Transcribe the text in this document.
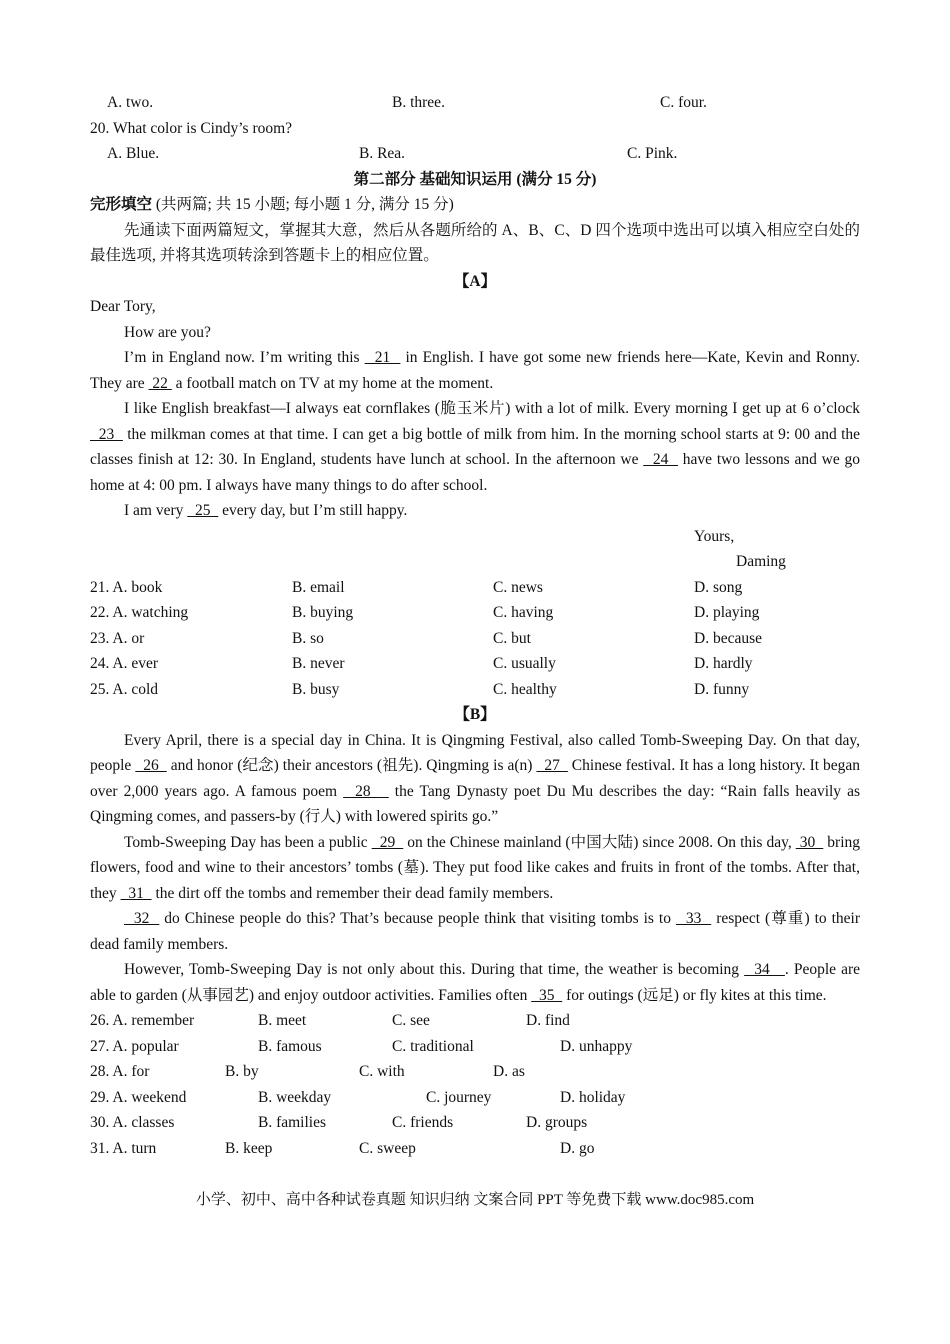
A. two.	B. three.	C. four.
20. What color is Cindy’s room?
A. Blue.	B. Rea.	C. Pink.
第二部分 基础知识运用 (满分 15 分)
完形填空 (共两篇; 共 15 小题; 每小题 1 分, 满分 15 分)
先通读下面两篇短文，掌握其大意，然后从各题所给的 A、B、C、D 四个选项中选出可以填入相应空白处的最佳选项, 并将其选项转涂到答题卡上的相应位置。
【A】
Dear Tory,
How are you?
I’m in England now. I’m writing this   21   in English. I have got some new friends here—Kate, Kevin and Ronny. They are  22  a football match on TV at my home at the moment.
I like English breakfast—I always eat cornflakes (脆玉米片) with a lot of milk. Every morning I get up at 6 o’clock   23   the milkman comes at that time. I can get a big bottle of milk from him. In the morning school starts at 9: 00 and the classes finish at 12: 30. In England, students have lunch at school. In the afternoon we   24   have two lessons and we go home at 4: 00 pm. I always have many things to do after school.
I am very   25   every day, but I’m still happy.
Yours,
Daming
21. A. book	B. email	C. news	D. song
22. A. watching	B. buying	C. having	D. playing
23. A. or	B. so	C. but	D. because
24. A. ever	B. never	C. usually	D. hardly
25. A. cold	B. busy	C. healthy	D. funny
【B】
Every April, there is a special day in China. It is Qingming Festival, also called Tomb-Sweeping Day. On that day, people   26   and honor (纪念) their ancestors (祖先). Qingming is a(n)   27   Chinese festival. It has a long history. It began over 2,000 years ago. A famous poem   28    the Tang Dynasty poet Du Mu describes the day: “Rain falls heavily as Qingming comes, and passers-by (行人) with lowered spirits go.”
Tomb-Sweeping Day has been a public   29   on the Chinese mainland (中国大陆) since 2008. On this day,  30   bring flowers, food and wine to their ancestors’ tombs (墓). They put food like cakes and fruits in front of the tombs. After that, they   31   the dirt off the tombs and remember their dead family members.
32   do Chinese people do this? That’s because people think that visiting tombs is to   33   respect (尊重) to their dead family members.
However, Tomb-Sweeping Day is not only about this. During that time, the weather is becoming   34   . People are able to garden (从事园艺) and enjoy outdoor activities. Families often   35   for outings (远足) or fly kites at this time.
26. A. remember	B. meet	C. see	D. find
27. A. popular	B. famous	C. traditional	D. unhappy
28. A. for	B. by	C. with	D. as
29. A. weekend	B. weekday	C. journey	D. holiday
30. A. classes	B. families	C. friends	D. groups
31. A. turn	B. keep	C. sweep	D. go
小学、初中、高中各种试卷真题 知识归纳 文案合同 PPT 等免费下载 www.doc985.com
